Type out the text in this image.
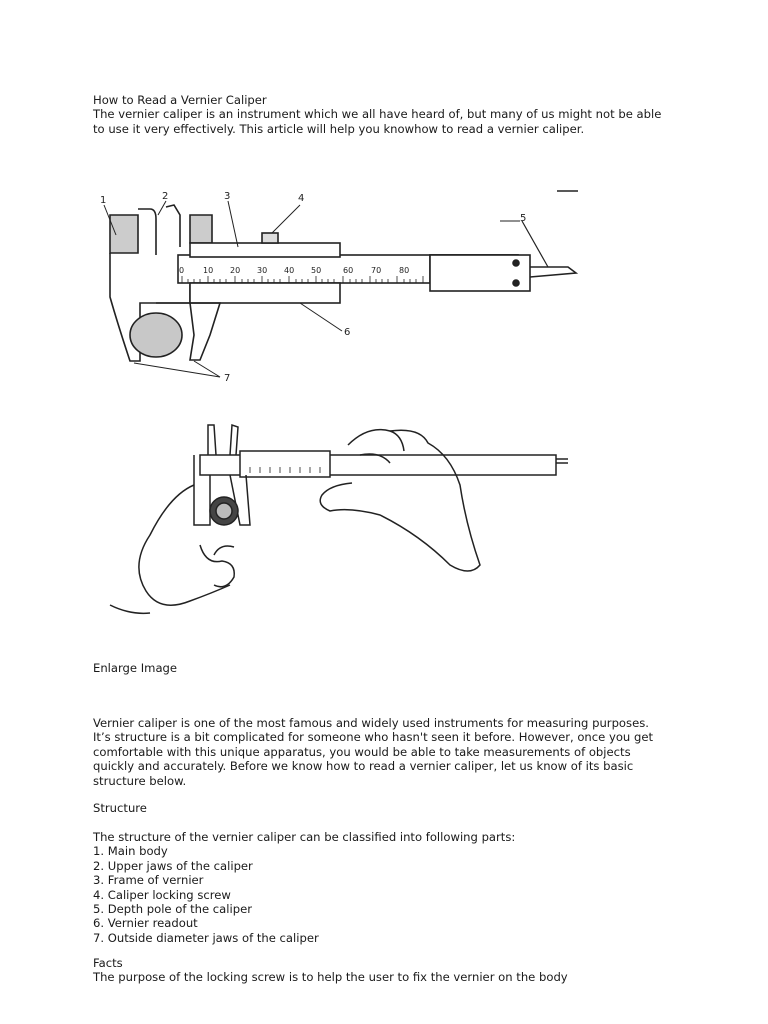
How to Read a Vernier Caliper
The vernier caliper is an instrument which we all have heard of, but many of us might not be able
to use it very effectively. This article will help you knowhow to read a vernier caliper.
0 10 20 30 40 50	60 70 80
1	2	3	4
5
6
7
Enlarge Image
Vernier caliper is one of the most famous and widely used instruments for measuring purposes.
It’s structure is a bit complicated for someone who hasn't seen it before. However, once you get
comfortable with this unique apparatus, you would be able to take measurements of objects
quickly and accurately. Before we know how to read a vernier caliper, let us know of its basic
structure below.
Structure
The structure of the vernier caliper can be classified into following parts:
1. Main body
2. Upper jaws of the caliper
3. Frame of vernier
4. Caliper locking screw
5. Depth pole of the caliper
6. Vernier readout
7. Outside diameter jaws of the caliper
Facts
The purpose of the locking screw is to help the user to fix the vernier on the body
